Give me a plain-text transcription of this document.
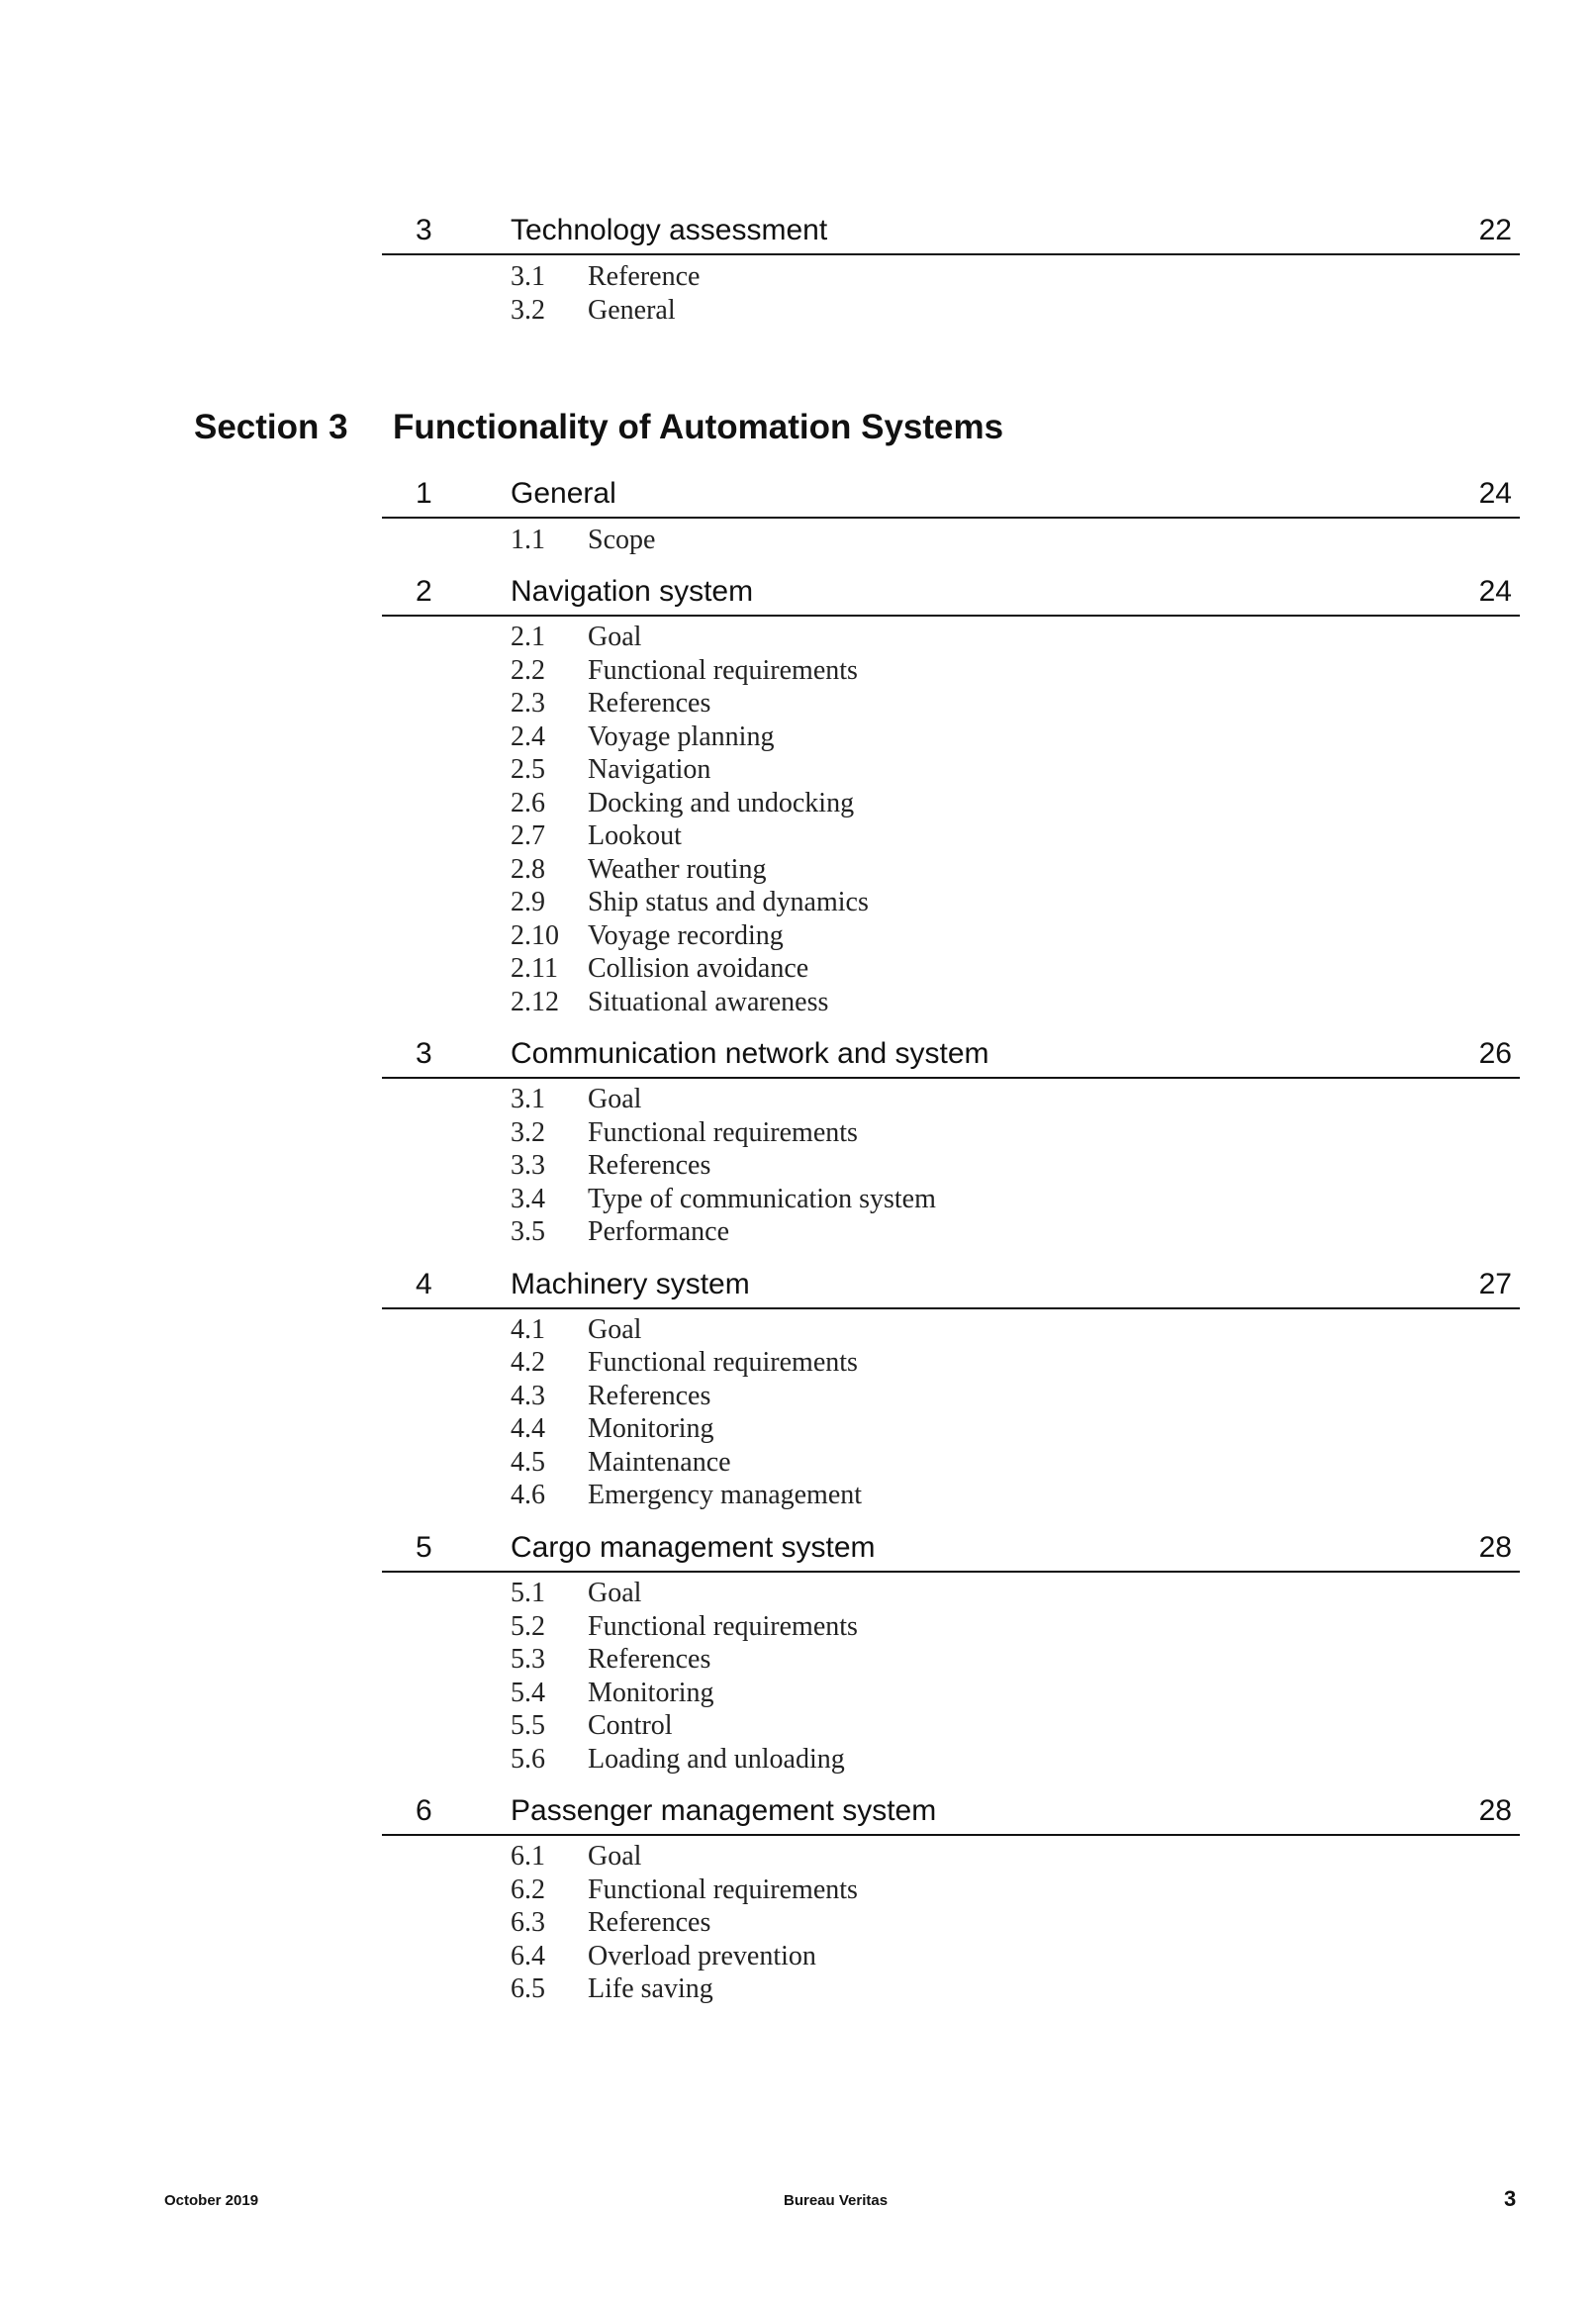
3	Technology assessment	22
3.1 Reference
3.2 General
Section 3 Functionality of Automation Systems
1	General	24
1.1 Scope
2	Navigation system	24
2.1 Goal
2.2 Functional requirements
2.3 References
2.4 Voyage planning
2.5 Navigation
2.6 Docking and undocking
2.7 Lookout
2.8 Weather routing
2.9 Ship status and dynamics
2.10 Voyage recording
2.11 Collision avoidance
2.12 Situational awareness
3	Communication network and system	26
3.1 Goal
3.2 Functional requirements
3.3 References
3.4 Type of communication system
3.5 Performance
4	Machinery system	27
4.1 Goal
4.2 Functional requirements
4.3 References
4.4 Monitoring
4.5 Maintenance
4.6 Emergency management
5	Cargo management system	28
5.1 Goal
5.2 Functional requirements
5.3 References
5.4 Monitoring
5.5 Control
5.6 Loading and unloading
6	Passenger management system	28
6.1 Goal
6.2 Functional requirements
6.3 References
6.4 Overload prevention
6.5 Life saving
October 2019	Bureau Veritas	3
